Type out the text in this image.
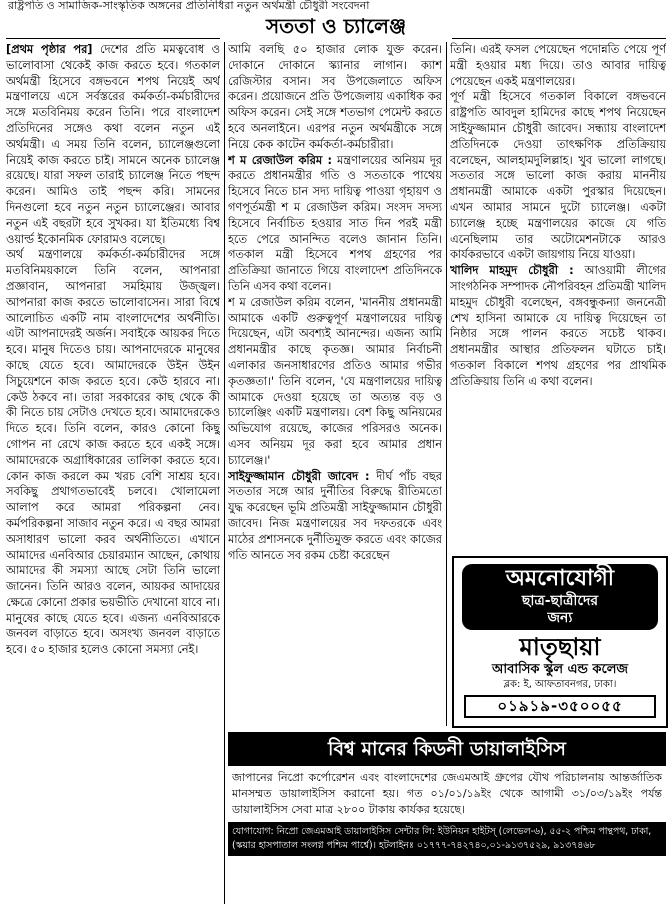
রাষ্ট্রপতি ও সামাজিক-সাংস্কৃতিক অঙ্গনের প্রতিনিধিরা নতুন অর্থমন্ত্রী চৌধুরী সংবেদনা
সততা ও চ্যালেঞ্জ

[প্রথম পৃষ্ঠার পর] দেশের প্রতি মমত্ববোধ ও ভালোবাসা থেকেই কাজ করতে হবে। গতকাল অর্থমন্ত্রী হিসেবে বঙ্গভবনে শপথ নিয়েই অর্থ মন্ত্রণালয়ে এসে সর্বস্তরের কর্মকর্তা-কর্মচারীদের সঙ্গে মতবিনিময় করেন তিনি। পরে বাংলাদেশ প্রতিদিনের সঙ্গেও কথা বলেন নতুন এই অর্থমন্ত্রী। এ সময় তিনি বলেন, চ্যালেঞ্জগুলো নিয়েই কাজ করতে চাই। সামনে অনেক চ্যালেঞ্জ রয়েছে। যারা সফল তারাই চ্যালেঞ্জ নিতে পছন্দ করেন। আমিও তাই পছন্দ করি। সামনের দিনগুলো হবে নতুন নতুন চ্যালেঞ্জের। আবার নতুন এই বছরটা হবে সুখকর। যা ইতিমধ্যে বিশ্ব ওয়ার্ল্ড ইকোনমিক ফোরামও বলেছে।

অর্থ মন্ত্রণালয়ে কর্মকর্তা-কর্মচারীদের সঙ্গে মতবিনিময়কালে তিনি বলেন, আপনারা প্রজ্ঞাবান, আপনারা সমহিমায় উজ্জ্বল। আপনারা কাজ করতে ভালোবাসেন। সারা বিশ্বে আলোচিত একটি নাম বাংলাদেশের অর্থনীতি। এটা আপনাদেরই অর্জন। সবাইকে আয়কর দিতে হবে। মানুষ দিতেও চায়। আপনাদেরকে মানুষের কাছে যেতে হবে। আমাদেরকে উইন উইন সিচুয়েশনে কাজ করতে হবে। কেউ হারবে না। কেউ ঠকবে না। তারা সরকারের কাছ থেকে কী কী নিতে চায় সেটাও দেখতে হবে। আমাদেরকেও দিতে হবে। তিনি বলেন, কারও কোনো কিছু গোপন না রেখে কাজ করতে হবে একই সঙ্গে। আমাদেরকে অগ্রাধিকারের তালিকা করতে হবে। কোন কাজ করলে কম খরচ বেশি সাশ্রয় হবে। সবকিছু প্রথাগতভাবেই চলবে। খোলামেলা আলাপ করে আমরা পরিকল্পনা নেব। কর্মপরিকল্পনা সাজাব নতুন করে। এ বছর আমরা অসাধারণ ভালো করব অর্থনীতিতে। এখানে আমাদের এনবিআর চেয়ারম্যান আছেন, কোথায় আমাদের কী সমস্যা আছে সেটা তিনি ভালো জানেন। তিনি আরও বলেন, আয়কর আদায়ের ক্ষেত্রে কোনো প্রকার ভয়ভীতি দেখানো যাবে না। মানুষের কাছে যেতে হবে। এজন্য এনবিআরকে জনবল বাড়াতে হবে। অসংখ্য জনবল বাড়াতে হবে। ৫০ হাজার হলেও কোনো সমস্যা নেই।

আমি বলছি ৫০ হাজার লোক যুক্ত করেন। দোকানে দোকানে স্ক্যানার লাগান। ক্যাশ রেজিস্টার বসান। সব উপজেলাতে অফিস করেন। প্রয়োজনে প্রতি উপজেলায় একাধিক কর অফিস করেন। সেই সঙ্গে শতভাগ পেমেন্ট করতে হবে অনলাইনে। এরপর নতুন অর্থমন্ত্রীকে সঙ্গে নিয়ে কেক কাটেন কর্মকর্তা-কর্মচারীরা।

শ ম রেজাউল করিম : মন্ত্রণালয়ের অনিয়ম দূর করতে প্রধানমন্ত্রীর গতি ও সততাকে পাথেয় হিসেবে নিতে চান সদ্য দায়িত্ব পাওয়া গৃহায়ণ ও গণপূর্তমন্ত্রী শ ম রেজাউল করিম। সংসদ সদস্য হিসেবে নির্বাচিত হওয়ার সাত দিন পরই মন্ত্রী হতে পেরে আনন্দিত বলেও জানান তিনি। গতকাল মন্ত্রী হিসেবে শপথ গ্রহণের পর প্রতিক্রিয়া জানাতে গিয়ে বাংলাদেশ প্রতিদিনকে তিনি এসব কথা বলেন।

শ ম রেজাউল করিম বলেন, 'মাননীয় প্রধানমন্ত্রী আমাকে একটি গুরুত্বপূর্ণ মন্ত্রণালয়ের দায়িত্ব দিয়েছেন, এটা অবশ্যই আনন্দের। এজন্য আমি প্রধানমন্ত্রীর কাছে কৃতজ্ঞ। আমার নির্বাচনী এলাকার জনসাধারণের প্রতিও আমার গভীর কৃতজ্ঞতা।' তিনি বলেন, 'যে মন্ত্রণালয়ের দায়িত্ব আমাকে দেওয়া হয়েছে তা অত্যন্ত বড় ও চ্যালেঞ্জিং একটি মন্ত্রণালয়। বেশ কিছু অনিয়মের অভিযোগ রয়েছে, কাজের পরিসরও অনেক। এসব অনিয়ম দূর করা হবে আমার প্রধান চ্যালেঞ্জ।'

সাইফুজ্জামান চৌধুরী জাবেদ : দীর্ঘ পাঁচ বছর সততার সঙ্গে আর দুর্নীতির বিরুদ্ধে রীতিমতো যুদ্ধ করেছেন ভূমি প্রতিমন্ত্রী সাইফুজ্জামান চৌধুরী জাবেদ। নিজ মন্ত্রণালয়ের সব দফতরকে এবং মাঠের প্রশাসনকে দুর্নীতিমুক্ত করতে এবং কাজের গতি আনতে সব রকম চেষ্টা করেছেন

তিনি। এরই ফসল পেয়েছেন পদোন্নতি পেয়ে পূর্ণ মন্ত্রী হওয়ার মধ্য দিয়ে। তাও আবার দায়িত্ব পেয়েছেন একই মন্ত্রণালয়ের।

পূর্ণ মন্ত্রী হিসেবে গতকাল বিকালে বঙ্গভবনে রাষ্ট্রপতি আবদুল হামিদের কাছে শপথ নিয়েছেন সাইফুজ্জামান চৌধুরী জাবেদ। সন্ধ্যায় বাংলাদেশ প্রতিদিনকে দেওয়া তাৎক্ষণিক প্রতিক্রিয়ায় বলেছেন, আলহামদুলিল্লাহ। খুব ভালো লাগছে। সততার সঙ্গে ভালো কাজ করায় মাননীয় প্রধানমন্ত্রী আমাকে একটা পুরস্কার দিয়েছেন। এখন আমার সামনে দুটো চ্যালেঞ্জ। একটা চ্যালেঞ্জ হচ্ছে মন্ত্রণালয়ের কাজে যে গতি এনেছিলাম তার অটোমেশনটাকে আরও কার্যকরভাবে একটা জায়গায় নিয়ে যাওয়া।

খালিদ মাহমুদ চৌধুরী : আওয়ামী লীগের সাংগঠনিক সম্পাদক নৌপরিবহন প্রতিমন্ত্রী খালিদ মাহমুদ চৌধুরী বলেছেন, বঙ্গবন্ধুকন্যা জননেত্রী শেখ হাসিনা আমাকে যে দায়িত্ব দিয়েছেন তা নিষ্ঠার সঙ্গে পালন করতে সচেষ্ট থাকব। প্রধানমন্ত্রীর আস্থার প্রতিফলন ঘটাতে চাই। গতকাল বিকালে শপথ গ্রহণের পর প্রাথমিক প্রতিক্রিয়ায় তিনি এ কথা বলেন।

অমনোযোগী
ছাত্র-ছাত্রীদের
জন্য
মাতৃছায়া
আবাসিক স্কুল এন্ড কলেজ
ব্লক: ই, আফতাবনগর, ঢাকা।
০১৯১৯-৩৫০০৫৫
বিশ্ব মানের কিডনী ডায়ালাইসিস
জাপানের নিপ্রো কর্পোরেশন এবং বাংলাদেশের জেএমআই গ্রুপের যৌথ পরিচালনায় আন্তর্জাতিক মানসম্মত ডায়ালাইসিস করানো হয়। গত ০১/০১/১৯ইং থেকে আগামী ৩১/০৩/১৯ইং পর্যন্ত ডায়ালাইসিস সেবা মাত্র ২৮০০ টাকায় কার্যকর হয়েছে।
যোগাযোগ: নিপ্রো জেএমআই ডায়ালাইসিস সেন্টার লি: ইউনিয়ন হাইটস্ (লেভেল-৬), ৫৫-২ পশ্চিম পান্থপথ, ঢাকা, (স্কয়ার হাসপাতাল সংলগ্ন পশ্চিম পার্শ্বে)। হটলাইনঃ ০১৭৭৭-৭৪২৭৪০,০১-৯১৩৭৫২৯, ৯১৩৭৪৬৮
